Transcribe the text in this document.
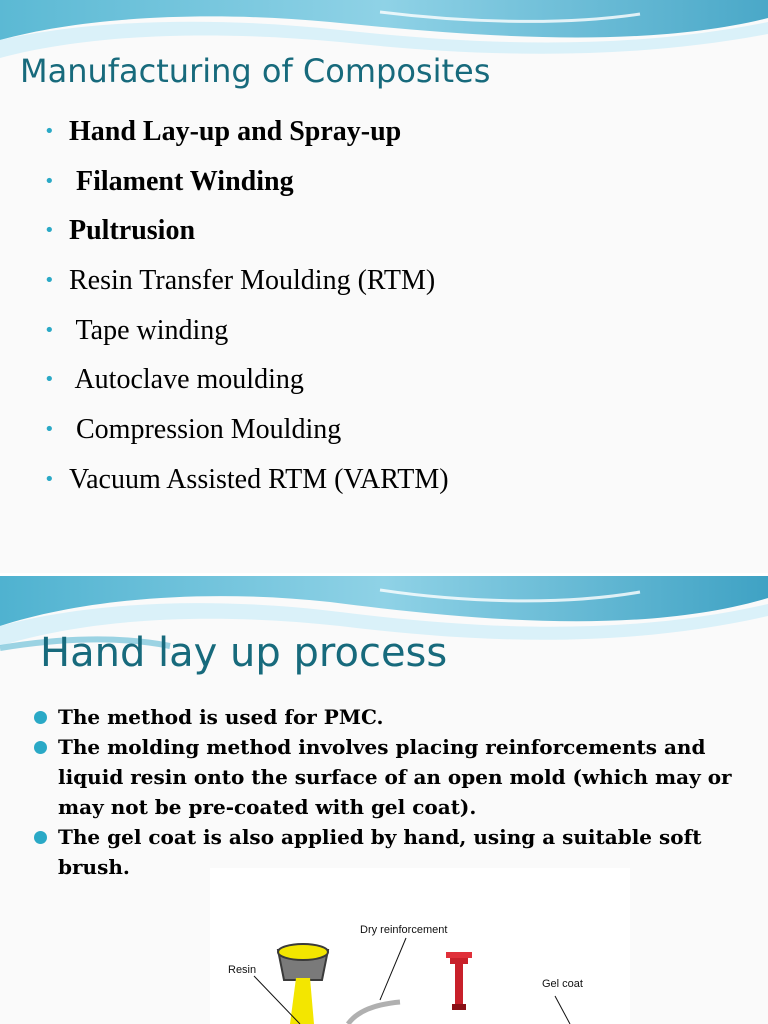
Manufacturing of Composites
• Hand Lay-up and Spray-up
• Filament Winding
• Pultrusion
• Resin Transfer Moulding (RTM)
• Tape winding
• Autoclave moulding
• Compression Moulding
• Vacuum Assisted RTM (VARTM)
Hand lay up process
The method is used for PMC.
The molding method involves placing reinforcements and liquid resin onto the surface of an open mold (which may or may not be pre-coated with gel coat).
The gel coat is also applied by hand, using a suitable soft brush.
Dry reinforcement
Resin
Gel coat
